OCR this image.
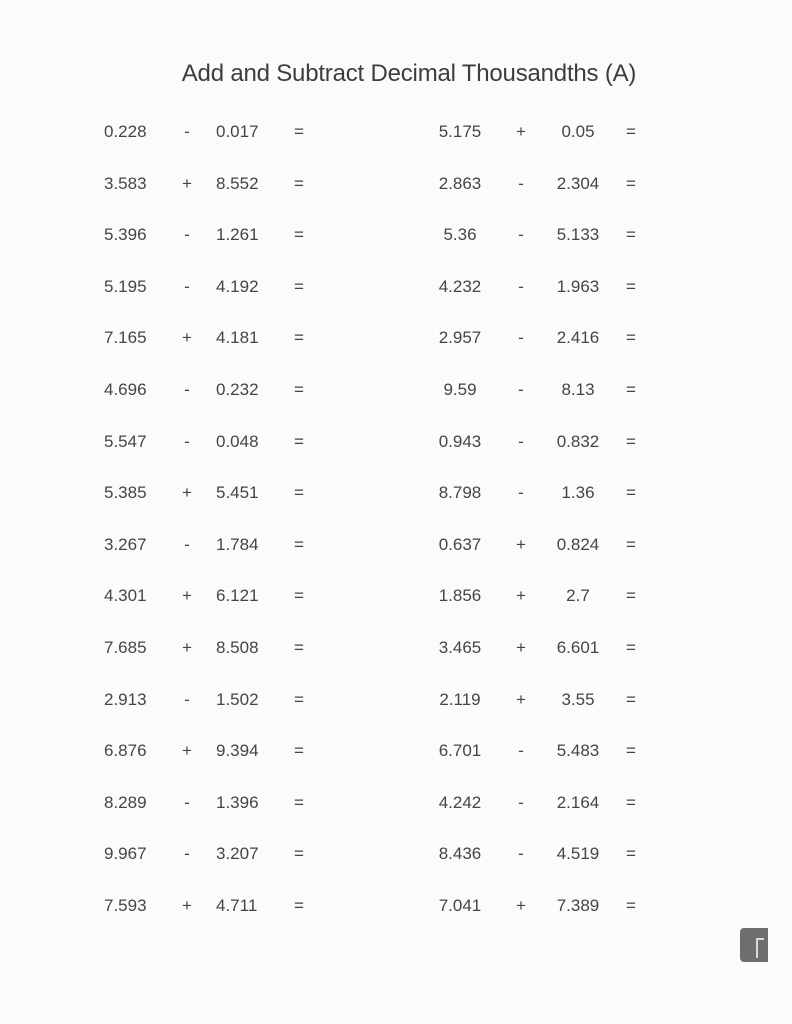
Add and Subtract Decimal Thousandths (A)
0.228	- 0.017	=
3.583	+ 8.552	=
5.396	- 1.261	=
5.195	- 4.192	=
7.165	+ 4.181	=
4.696	- 0.232	=
5.547	- 0.048	=
5.385	+ 5.451	=
3.267	- 1.784	=
4.301	+ 6.121	=
7.685	+ 8.508	=
2.913	- 1.502	=
6.876	+ 9.394	=
8.289	- 1.396	=
9.967	- 3.207	=
7.593	+ 4.711	=
5.175	+	0.05	=
2.863	-	2.304	=
5.36	-	5.133	=
4.232	-	1.963	=
2.957	-	2.416	=
9.59	-	8.13	=
0.943	-	0.832	=
8.798	-	1.36	=
0.637	+	0.824	=
1.856	+	2.7	=
3.465	+	6.601	=
2.119	+	3.55	=
6.701	-	5.483	=
4.242	-	2.164	=
8.436	-	4.519	=
7.041	+	7.389	=
